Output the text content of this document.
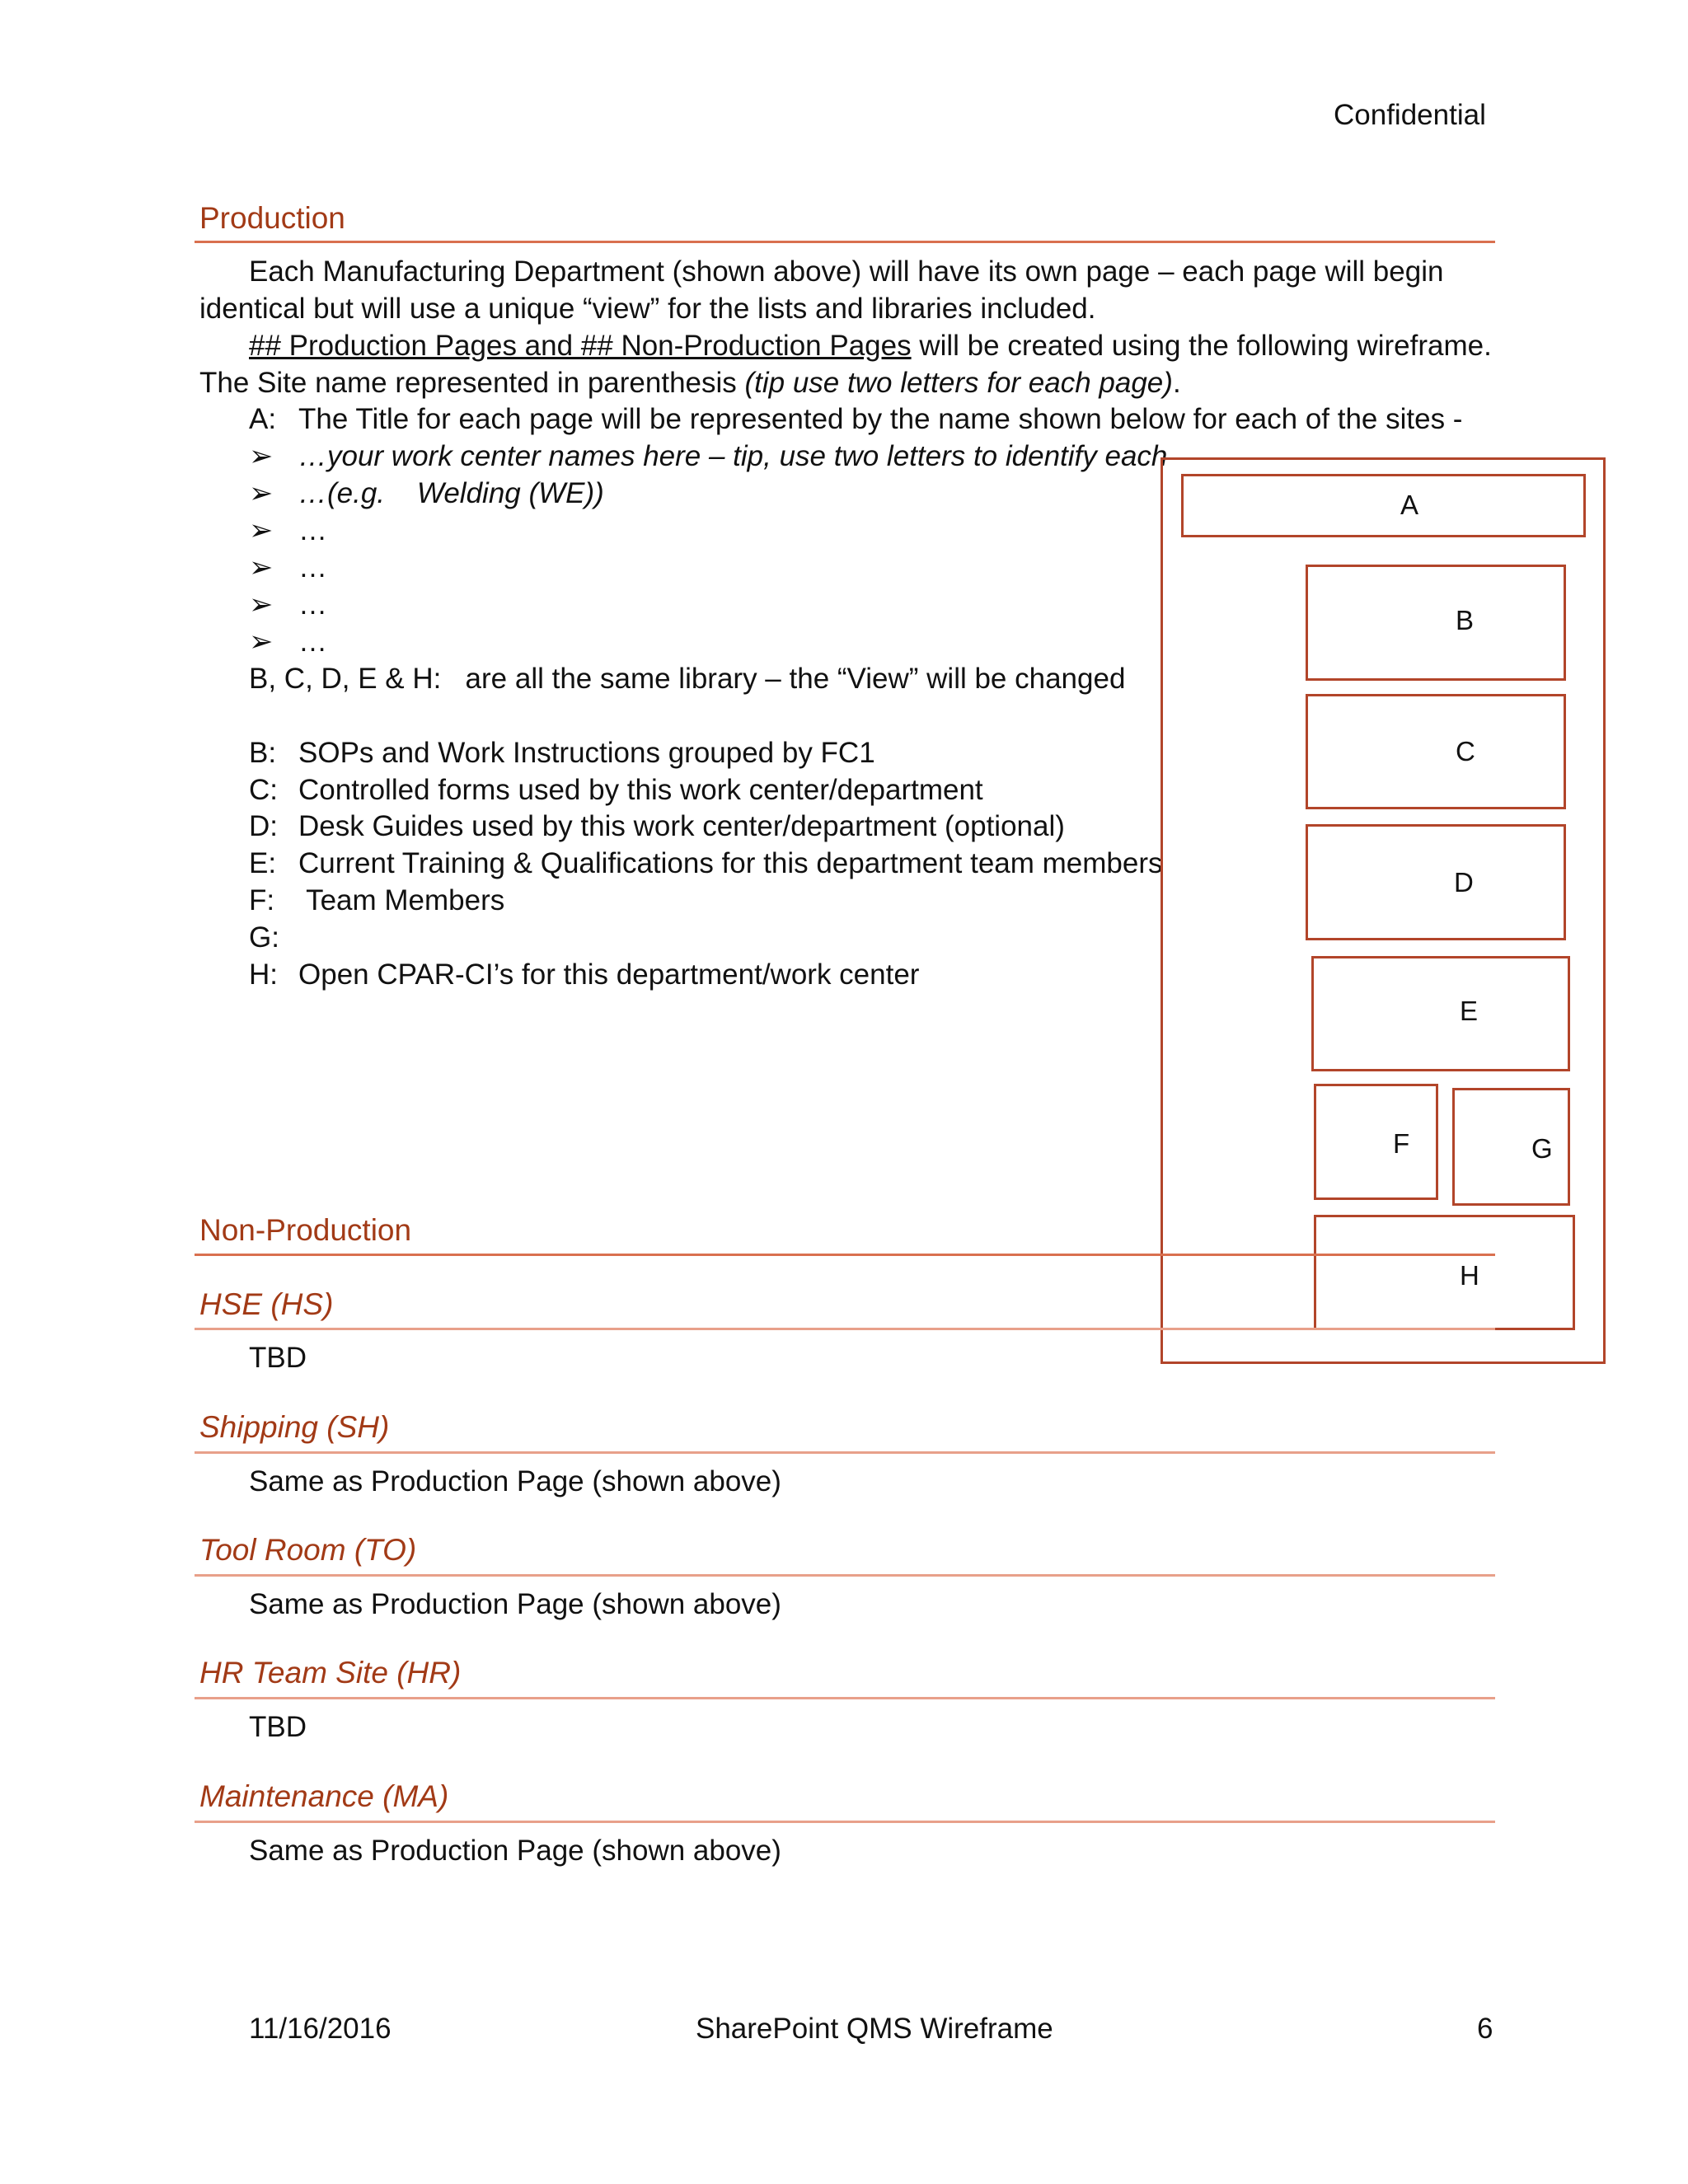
Confidential
Production
Each Manufacturing Department (shown above) will have its own page – each page will begin
identical but will use a unique “view” for the lists and libraries included.
## Production Pages and ## Non-Production Pages will be created using the following wireframe.
The Site name represented in parenthesis (tip use two letters for each page).
A: The Title for each page will be represented by the name shown below for each of the sites -
➢ …your work center names here – tip, use two letters to identify each
➢ …(e.g.    Welding (WE))
➢ …
➢ …
➢ …
➢ …
B, C, D, E & H:   are all the same library – the “View” will be changed
B: SOPs and Work Instructions grouped by FC1
C: Controlled forms used by this work center/department
D: Desk Guides used by this work center/department (optional)
E: Current Training & Qualifications for this department team members
F: Team Members
G:
H: Open CPAR-CI’s for this department/work center
A
B
C
D
E
F	G
H
Non-Production
HSE (HS)
TBD
Shipping (SH)
Same as Production Page (shown above)
Tool Room (TO)
Same as Production Page (shown above)
HR Team Site (HR)
TBD
Maintenance (MA)
Same as Production Page (shown above)
11/16/2016	SharePoint QMS Wireframe	6
